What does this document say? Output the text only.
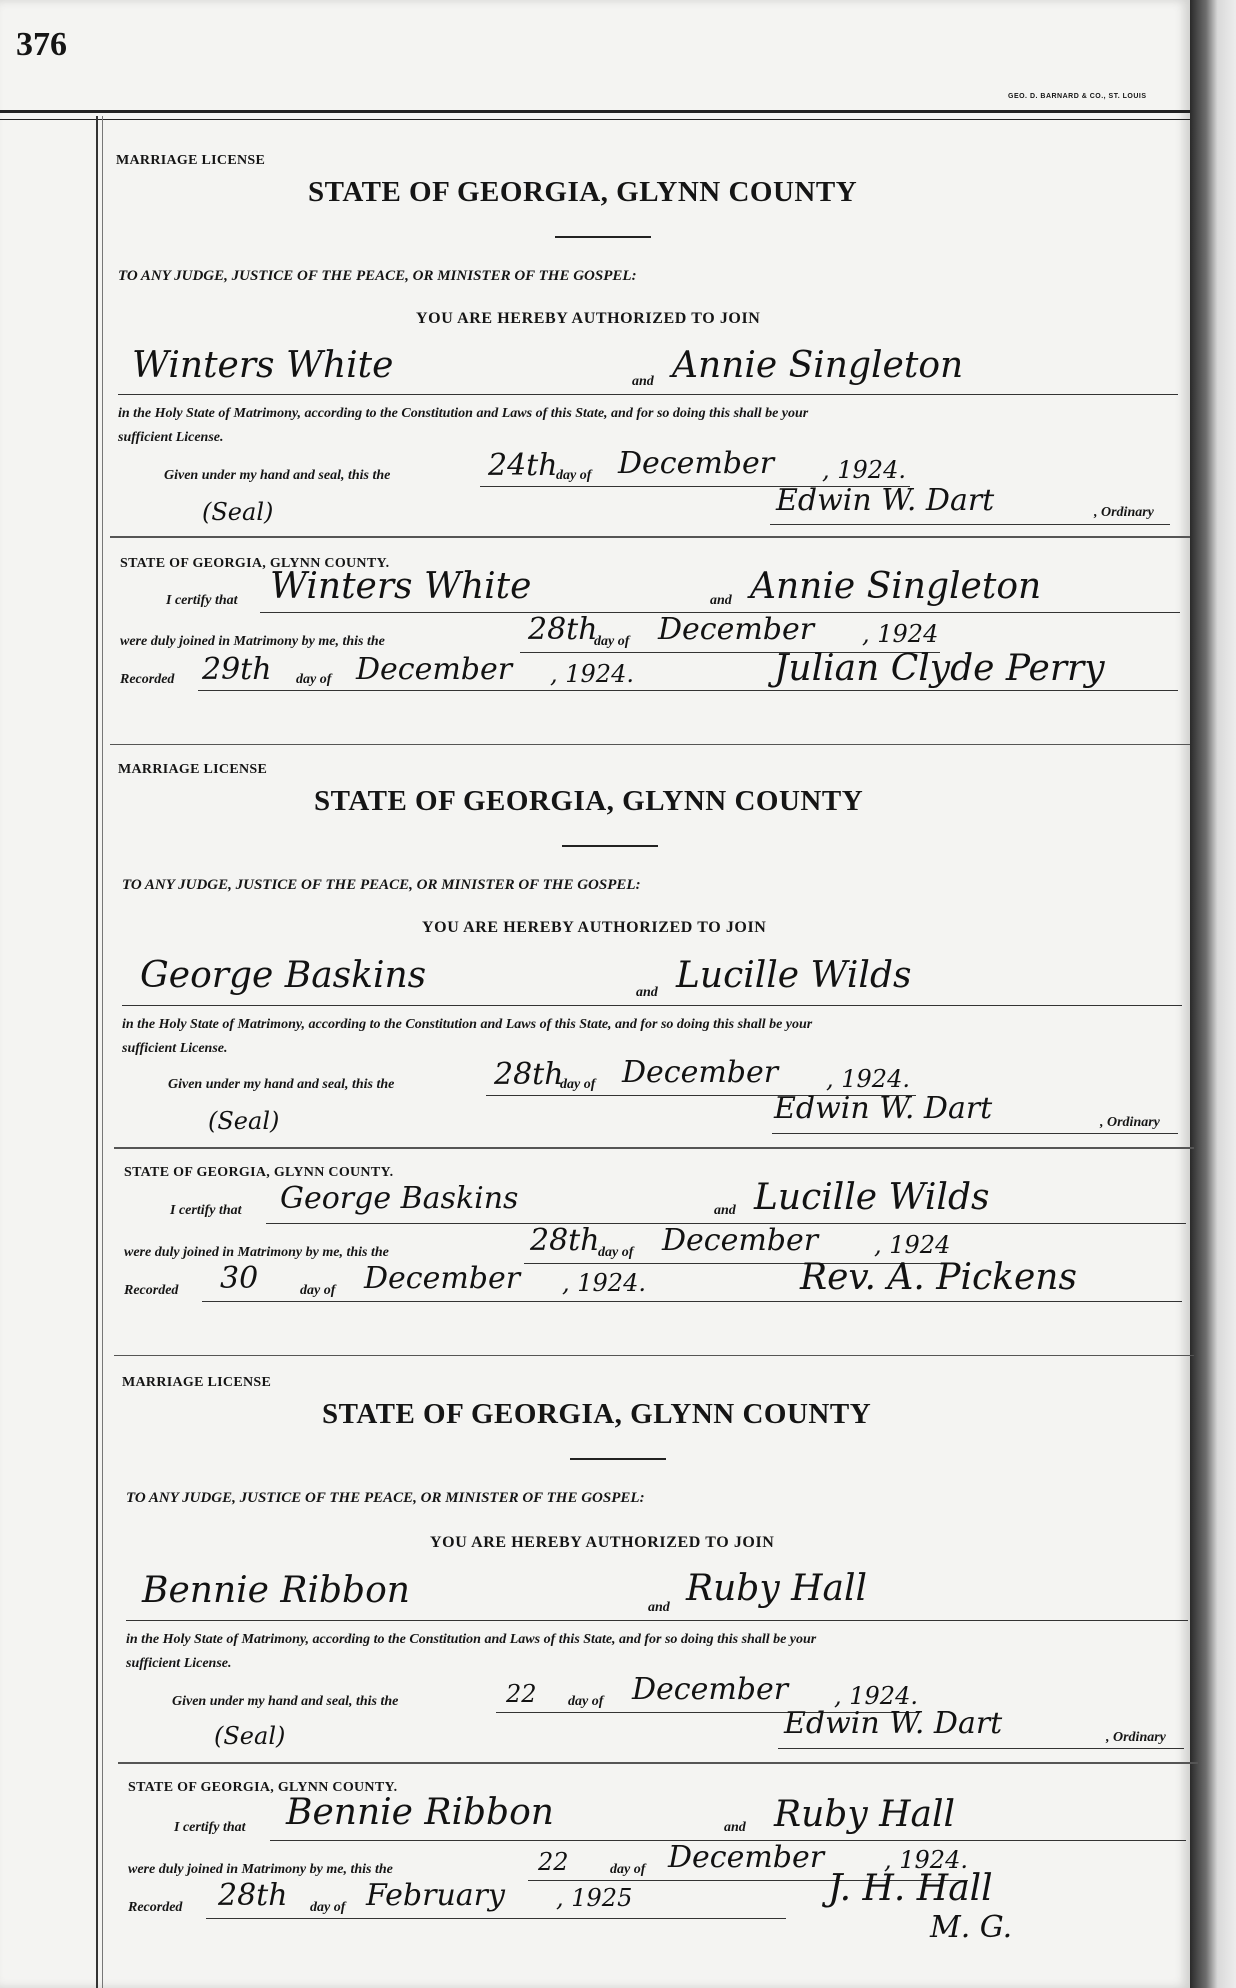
376
GEO. D. BARNARD & CO., ST. LOUIS
MARRIAGE LICENSE
STATE OF GEORGIA, GLYNN COUNTY
TO ANY JUDGE, JUSTICE OF THE PEACE, OR MINISTER OF THE GOSPEL:
YOU ARE HEREBY AUTHORIZED TO JOIN
Winters White	and Annie Singleton
in the Holy State of Matrimony, according to the Constitution and Laws of this State, and for so doing this shall be your
sufficient License.
Given under my hand and seal, this the	24th
day of December , 1924.
(Seal)	Edwin W. Dart	, Ordinary
STATE OF GEORGIA, GLYNN COUNTY.
I certify that Winters White	and Annie Singleton
were duly joined in Matrimony by me, this the	28th
day of December , 1924
Recorded 29th day of December , 1924.	Julian Clyde Perry
MARRIAGE LICENSE
STATE OF GEORGIA, GLYNN COUNTY
TO ANY JUDGE, JUSTICE OF THE PEACE, OR MINISTER OF THE GOSPEL:
YOU ARE HEREBY AUTHORIZED TO JOIN
George Baskins	and Lucille Wilds
in the Holy State of Matrimony, according to the Constitution and Laws of this State, and for so doing this shall be your
sufficient License.
Given under my hand and seal, this the	28th
day of December , 1924.
(Seal)	Edwin W. Dart	, Ordinary
STATE OF GEORGIA, GLYNN COUNTY.
I certify that George Baskins	and Lucille Wilds
were duly joined in Matrimony by me, this the	28th
day of December , 1924
Recorded 30	day of December , 1924.	Rev. A. Pickens
MARRIAGE LICENSE
STATE OF GEORGIA, GLYNN COUNTY
TO ANY JUDGE, JUSTICE OF THE PEACE, OR MINISTER OF THE GOSPEL:
YOU ARE HEREBY AUTHORIZED TO JOIN
Bennie Ribbon	and Ruby Hall
in the Holy State of Matrimony, according to the Constitution and Laws of this State, and for so doing this shall be your
sufficient License.
Given under my hand and seal, this the	22 day of December , 1924.
(Seal)	Edwin W. Dart	, Ordinary
STATE OF GEORGIA, GLYNN COUNTY.
I certify that Bennie Ribbon	and Ruby Hall
were duly joined in Matrimony by me, this the	22	day of December , 1924.
Recorded 28th day of February , 1925	J. H. Hall
M. G.
